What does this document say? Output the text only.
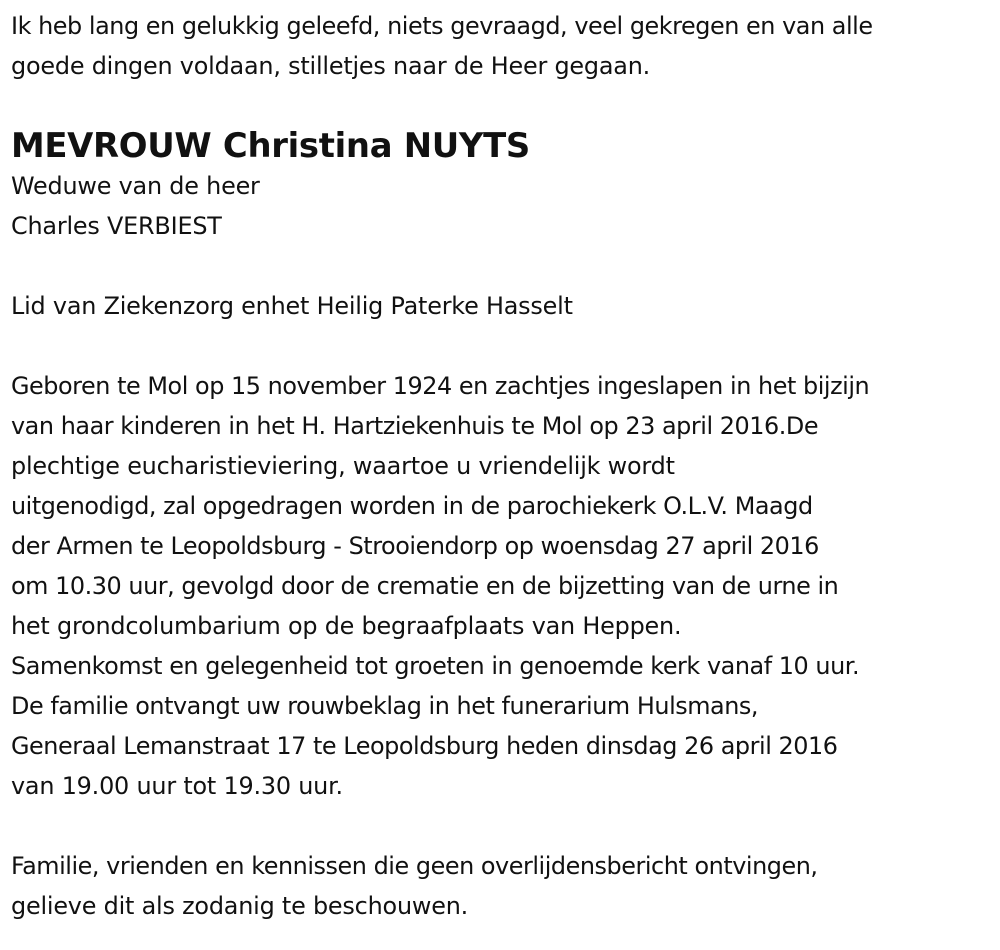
Ik heb lang en gelukkig geleefd, niets gevraagd, veel gekregen en van alle
goede dingen voldaan, stilletjes naar de Heer gegaan.
MEVROUW Christina NUYTS
Weduwe van de heer
Charles VERBIEST
Lid van Ziekenzorg enhet Heilig Paterke Hasselt
Geboren te Mol op 15 november 1924 en zachtjes ingeslapen in het bijzijn
van haar kinderen in het H. Hartziekenhuis te Mol op 23 april 2016.De
plechtige eucharistieviering, waartoe u vriendelijk wordt
uitgenodigd, zal opgedragen worden in de parochiekerk O.L.V. Maagd
der Armen te Leopoldsburg - Strooiendorp op woensdag 27 april 2016
om 10.30 uur, gevolgd door de crematie en de bijzetting van de urne in
het grondcolumbarium op de begraafplaats van Heppen.
Samenkomst en gelegenheid tot groeten in genoemde kerk vanaf 10 uur.
De familie ontvangt uw rouwbeklag in het funerarium Hulsmans,
Generaal Lemanstraat 17 te Leopoldsburg heden dinsdag 26 april 2016
van 19.00 uur tot 19.30 uur.
Familie, vrienden en kennissen die geen overlijdensbericht ontvingen,
gelieve dit als zodanig te beschouwen.
